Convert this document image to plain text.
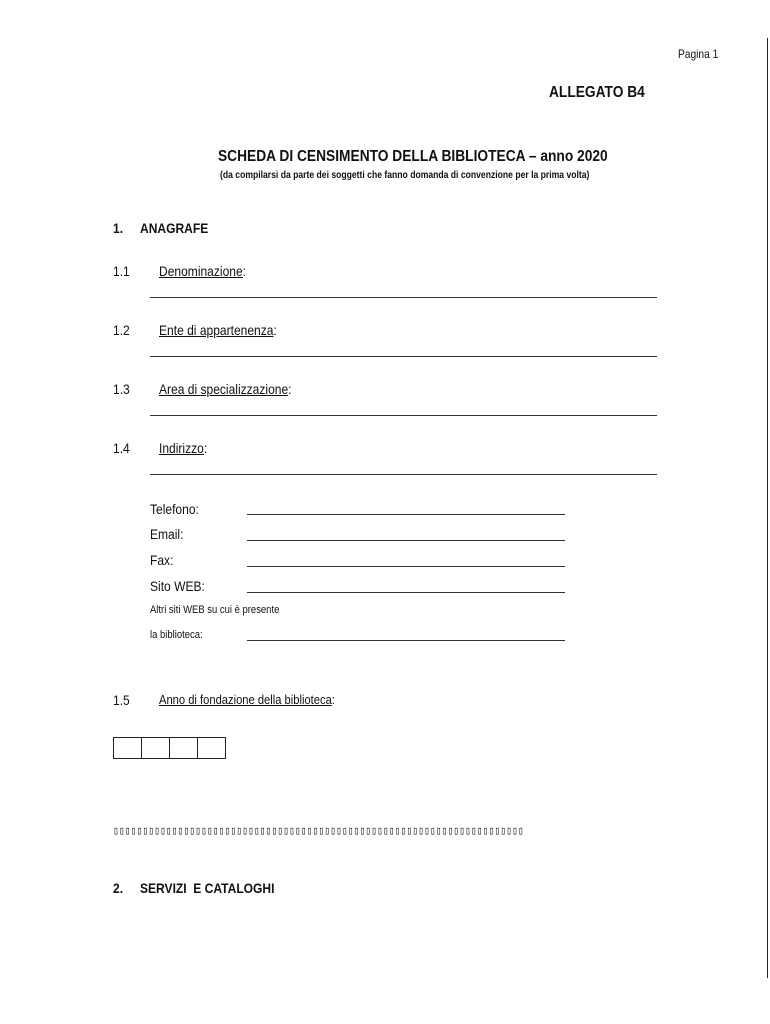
Pagina 1
ALLEGATO B4
SCHEDA DI CENSIMENTO DELLA BIBLIOTECA – anno 2020
(da compilarsi da parte dei soggetti che fanno domanda di convenzione per la prima volta)
1. ANAGRAFE
1.1 Denominazione:
1.2 Ente di appartenenza:
1.3 Area di specializzazione:
1.4 Indirizzo:
Telefono:
Email:
Fax:
Sito WEB:
Altri siti WEB su cui è presente
la biblioteca:
1.5 Anno di fondazione della biblioteca:
▯▯▯▯▯▯▯▯▯▯▯▯▯▯▯▯▯▯▯▯▯▯▯▯▯▯▯▯▯▯▯▯▯▯▯▯▯▯▯▯▯▯▯▯▯▯▯▯▯▯▯▯▯▯▯▯▯▯▯▯▯▯▯▯▯▯▯▯▯▯
2. SERVIZI  E CATALOGHI
